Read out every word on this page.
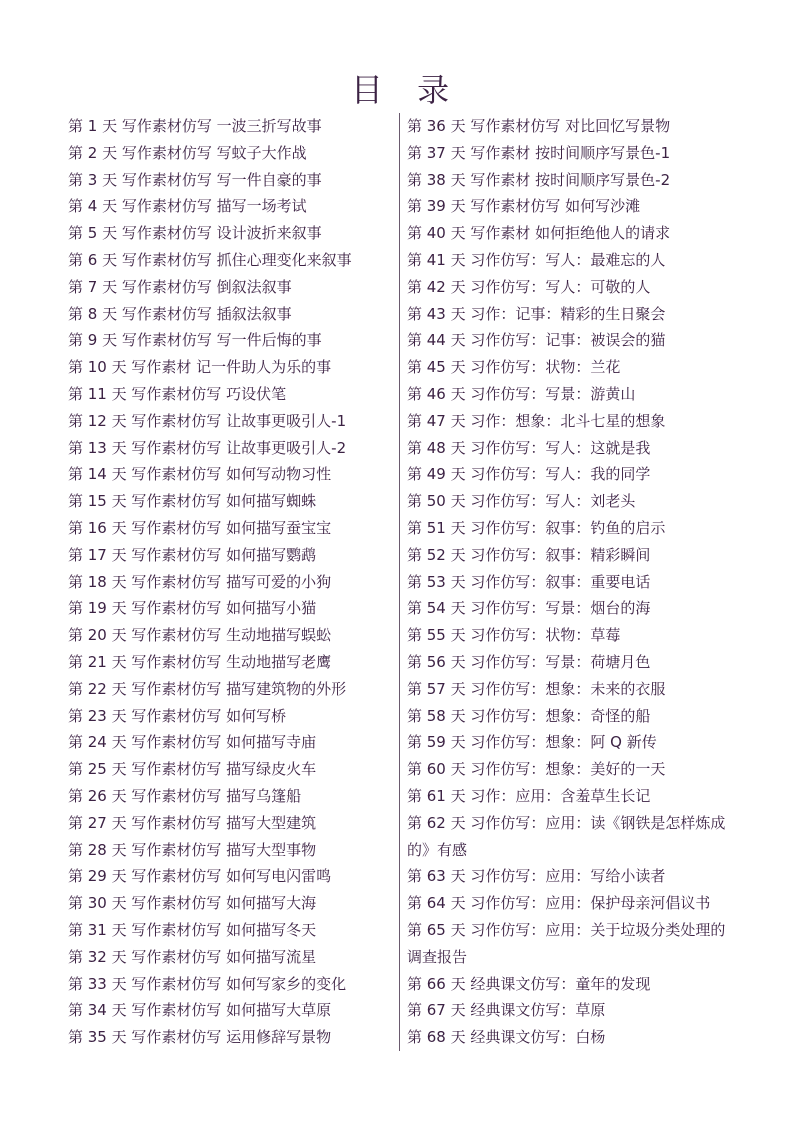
目 录
第 1 天 写作素材仿写 一波三折写故事
第 2 天 写作素材仿写 写蚊子大作战
第 3 天 写作素材仿写 写一件自豪的事
第 4 天 写作素材仿写 描写一场考试
第 5 天 写作素材仿写 设计波折来叙事
第 6 天 写作素材仿写 抓住心理变化来叙事
第 7 天 写作素材仿写 倒叙法叙事
第 8 天 写作素材仿写 插叙法叙事
第 9 天 写作素材仿写 写一件后悔的事
第 10 天 写作素材 记一件助人为乐的事
第 11 天 写作素材仿写 巧设伏笔
第 12 天 写作素材仿写 让故事更吸引人-1
第 13 天 写作素材仿写 让故事更吸引人-2
第 14 天 写作素材仿写 如何写动物习性
第 15 天 写作素材仿写 如何描写蜘蛛
第 16 天 写作素材仿写 如何描写蚕宝宝
第 17 天 写作素材仿写 如何描写鹦鹉
第 18 天 写作素材仿写 描写可爱的小狗
第 19 天 写作素材仿写 如何描写小猫
第 20 天 写作素材仿写 生动地描写蜈蚣
第 21 天 写作素材仿写 生动地描写老鹰
第 22 天 写作素材仿写 描写建筑物的外形
第 23 天 写作素材仿写 如何写桥
第 24 天 写作素材仿写 如何描写寺庙
第 25 天 写作素材仿写 描写绿皮火车
第 26 天 写作素材仿写 描写乌篷船
第 27 天 写作素材仿写 描写大型建筑
第 28 天 写作素材仿写 描写大型事物
第 29 天 写作素材仿写 如何写电闪雷鸣
第 30 天 写作素材仿写 如何描写大海
第 31 天 写作素材仿写 如何描写冬天
第 32 天 写作素材仿写 如何描写流星
第 33 天 写作素材仿写 如何写家乡的变化
第 34 天 写作素材仿写 如何描写大草原
第 35 天 写作素材仿写 运用修辞写景物
第 36 天 写作素材仿写 对比回忆写景物
第 37 天 写作素材 按时间顺序写景色-1
第 38 天 写作素材 按时间顺序写景色-2
第 39 天 写作素材仿写 如何写沙滩
第 40 天 写作素材 如何拒绝他人的请求
第 41 天 习作仿写：写人：最难忘的人
第 42 天 习作仿写：写人：可敬的人
第 43 天 习作：记事：精彩的生日聚会
第 44 天 习作仿写：记事：被误会的猫
第 45 天 习作仿写：状物：兰花
第 46 天 习作仿写：写景：游黄山
第 47 天 习作：想象：北斗七星的想象
第 48 天 习作仿写：写人：这就是我
第 49 天 习作仿写：写人：我的同学
第 50 天 习作仿写：写人：刘老头
第 51 天 习作仿写：叙事：钓鱼的启示
第 52 天 习作仿写：叙事：精彩瞬间
第 53 天 习作仿写：叙事：重要电话
第 54 天 习作仿写：写景：烟台的海
第 55 天 习作仿写：状物：草莓
第 56 天 习作仿写：写景：荷塘月色
第 57 天 习作仿写：想象：未来的衣服
第 58 天 习作仿写：想象：奇怪的船
第 59 天 习作仿写：想象：阿 Q 新传
第 60 天 习作仿写：想象：美好的一天
第 61 天 习作：应用：含羞草生长记
第 62 天 习作仿写：应用：读《钢铁是怎样炼成的》有感
第 63 天 习作仿写：应用：写给小读者
第 64 天 习作仿写：应用：保护母亲河倡议书
第 65 天 习作仿写：应用：关于垃圾分类处理的调查报告
第 66 天 经典课文仿写：童年的发现
第 67 天 经典课文仿写：草原
第 68 天 经典课文仿写：白杨
